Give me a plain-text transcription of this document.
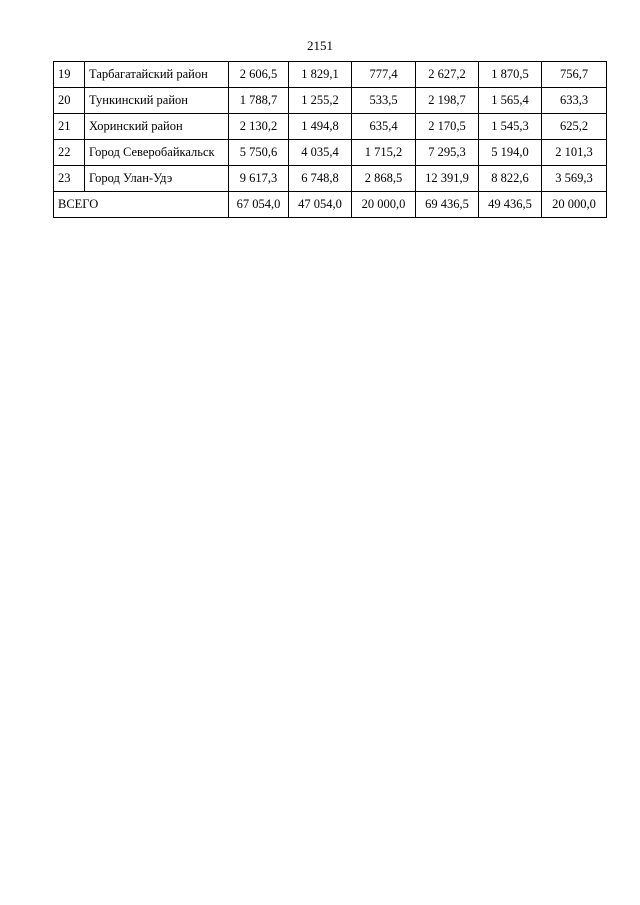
2151
19	Тарбагатайский район	2 606,5	1 829,1	777,4	2 627,2	1 870,5	756,7
20	Тункинский район	1 788,7	1 255,2	533,5	2 198,7	1 565,4	633,3
21	Хоринский район	2 130,2	1 494,8	635,4	2 170,5	1 545,3	625,2
22	Город Северобайкальск	5 750,6	4 035,4	1 715,2	7 295,3	5 194,0	2 101,3
23	Город Улан-Удэ	9 617,3	6 748,8	2 868,5	12 391,9	8 822,6	3 569,3
ВСЕГО		67 054,0	47 054,0	20 000,0	69 436,5	49 436,5	20 000,0
